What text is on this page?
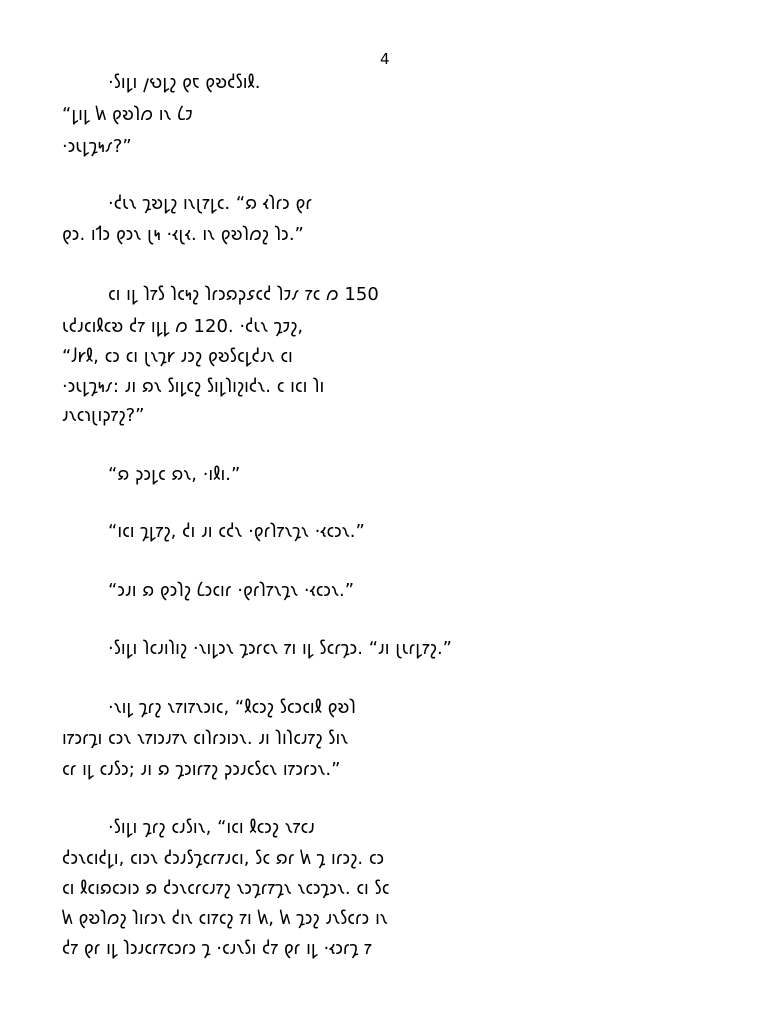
4
·𐑕𐑦𐑛𐑦 𐑢𐑻𐑛𐑟 𐑞𐑱 𐑞𐑹𐑒𐑕𐑦𐑙.
“𐑛𐑦𐑛 𐑿 𐑞𐑹𐑐𐑼 𐑦𐑯 𐑖𐑲
·𐑮𐑧𐑛𐑡𐑰𐑥?”
·𐑒𐑧𐑯 𐑡𐑹𐑛𐑟 𐑦𐑯𐑚𐑳𐑛𐑤. “𐑸 𐑬𐑐𐑩𐑮 𐑞𐑩
𐑞𐑮. 𐑦𐑑𐑮 𐑞𐑮𐑯 𐑚𐑰 ·𐑬𐑚𐑬. 𐑦𐑯 𐑞𐑹𐑐𐑼𐑟 𐑐𐑮.”
𐑤𐑦 𐑦𐑛 𐑐𐑳𐑕 𐑐𐑤𐑰𐑟 𐑐𐑩𐑮𐑸𐑜𐑭𐑤𐑒 𐑐𐑲𐑥 𐑳𐑤 𐑼 150
𐑧𐑒𐑨𐑤𐑦𐑙𐑤𐑹 𐑒𐑳 𐑦𐑛𐑛 𐑼 120. ·𐑒𐑧𐑯 𐑡𐑲𐑟,
“𐑓𐑾𐑙, 𐑤𐑮 𐑤𐑦 𐑚𐑯𐑡𐑾 𐑨𐑮𐑟 𐑞𐑹𐑕𐑤𐑛𐑒𐑨𐑯 𐑤𐑦
·𐑮𐑧𐑛𐑡𐑰𐑥: 𐑨𐑦 𐑸𐑯 𐑕𐑦𐑛𐑤𐑟 𐑕𐑦𐑛𐑐𐑦𐑟𐑦𐑒𐑯. 𐑤 𐑦𐑤𐑦 𐑐𐑦
𐑨𐑯𐑤𐑪𐑚𐑦𐑜𐑳𐑟?”
“𐑸 𐑜𐑮𐑛𐑤 𐑸𐑯, ·𐑦𐑙𐑦.”
“𐑦𐑤𐑦 𐑡𐑛𐑳𐑟, 𐑒𐑦 𐑨𐑦 𐑤𐑒𐑯 ·𐑞𐑩𐑐𐑳𐑯𐑡𐑯 ·𐑬𐑤𐑮𐑯.”
“𐑮𐑨𐑦 𐑸 𐑞𐑮𐑐𐑟 𐑖𐑮𐑤𐑦𐑩 ·𐑞𐑩𐑐𐑳𐑯𐑡𐑯 ·𐑬𐑤𐑮𐑯.”
·𐑕𐑦𐑛𐑦 𐑐𐑤𐑨𐑦𐑐𐑦𐑟 ·𐑯𐑦𐑛𐑮𐑯 𐑡𐑮𐑩𐑤𐑯 𐑳𐑦 𐑦𐑛 𐑕𐑤𐑩𐑡𐑮. “𐑨𐑦 𐑚𐑧𐑩𐑛𐑳𐑟.”
·𐑯𐑦𐑛 𐑡𐑩𐑟 𐑯𐑳𐑦𐑳𐑯𐑮𐑦𐑤, “𐑙𐑤𐑮𐑟 𐑕𐑤𐑮𐑤𐑦𐑙 𐑞𐑹𐑐
𐑦𐑳𐑮𐑩𐑡𐑦 𐑤𐑮𐑯 𐑯𐑳𐑦𐑮𐑨𐑳𐑯 𐑤𐑦𐑐𐑩𐑮𐑦𐑮𐑯. 𐑨𐑦 𐑐𐑦𐑐𐑤𐑨𐑳𐑟 𐑕𐑦𐑯
𐑤𐑩 𐑦𐑛 𐑤𐑨𐑕𐑮; 𐑨𐑦 𐑸 𐑡𐑮𐑦𐑩𐑳𐑟 𐑜𐑮𐑨𐑤𐑕𐑤𐑯 𐑦𐑳𐑮𐑩𐑮𐑯.”
·𐑕𐑦𐑛𐑦 𐑡𐑩𐑟 𐑤𐑨𐑕𐑦𐑯, “𐑦𐑤𐑦 𐑙𐑤𐑮𐑟 𐑯𐑳𐑤𐑨
𐑒𐑮𐑯𐑤𐑦𐑒𐑛𐑦, 𐑤𐑦𐑮𐑯 𐑒𐑮𐑨𐑕𐑡𐑤𐑩𐑳𐑨𐑤𐑦, 𐑕𐑤 𐑸𐑩 𐑿 𐑡 𐑦𐑩𐑮𐑟. 𐑤𐑮
𐑤𐑦 𐑙𐑤𐑦𐑸𐑤𐑮𐑦𐑮 𐑸 𐑒𐑮𐑯𐑤𐑩𐑤𐑨𐑳𐑟 𐑯𐑮𐑡𐑩𐑳𐑡𐑯 𐑯𐑤𐑮𐑡𐑮𐑯. 𐑤𐑦 𐑕𐑤
𐑿 𐑞𐑹𐑐𐑼𐑟 𐑐𐑦𐑩𐑮𐑯 𐑒𐑦𐑯 𐑤𐑦𐑳𐑤𐑟 𐑳𐑦 𐑿, 𐑿 𐑡𐑮𐑟 𐑨𐑯𐑕𐑤𐑩𐑮 𐑦𐑯
𐑒𐑳 𐑞𐑩 𐑦𐑛 𐑐𐑮𐑨𐑤𐑩𐑳𐑤𐑮𐑩𐑮 𐑡 ·𐑤𐑨𐑯𐑕𐑦 𐑒𐑳 𐑞𐑩 𐑦𐑛 ·𐑬𐑮𐑩𐑡 𐑳
